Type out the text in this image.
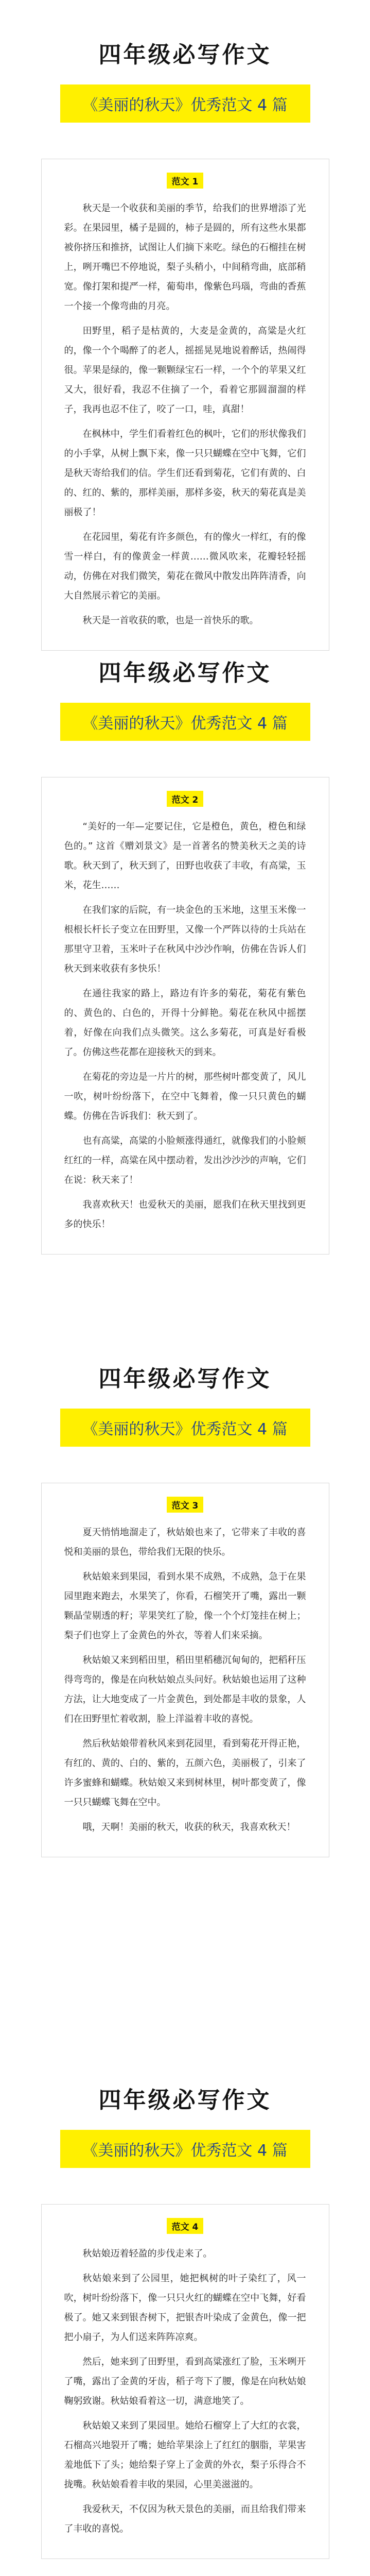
四年级必写作文
《美丽的秋天》优秀范文 4 篇
范文 1

秋天是一个收获和美丽的季节，给我们的世界增添了光彩。在果园里，橘子是圆的，柿子是圆的，所有这些水果都被你挤压和推挤，试图让人们摘下来吃。绿色的石榴挂在树上，咧开嘴巴不停地说，梨子头稍小，中间稍弯曲，底部稍宽。像打架和提严一样，葡萄串，像紫色玛瑙，弯曲的香蕉一个接一个像弯曲的月亮。

田野里，稻子是枯黄的，大麦是金黄的，高粱是火红的，像一个个喝醉了的老人，摇摇晃晃地说着醉话，热闹得很。苹果是绿的，像一颗颗绿宝石一样，一个个的苹果又红又大，很好看，我忍不住摘了一个，看着它那圆溜溜的样子，我再也忍不住了，咬了一口，哇，真甜！

在枫林中，学生们看着红色的枫叶，它们的形状像我们的小手掌，从树上飘下来，像一只只蝴蝶在空中飞舞，它们是秋天寄给我们的信。学生们还看到菊花，它们有黄的、白的、红的、紫的，那样美丽，那样多姿，秋天的菊花真是美丽极了！

在花园里，菊花有许多颜色，有的像火一样红，有的像雪一样白，有的像黄金一样黄……微风吹来，花瓣轻轻摇动，仿佛在对我们微笑，菊花在微风中散发出阵阵清香，向大自然展示着它的美丽。

秋天是一首收获的歌，也是一首快乐的歌。

四年级必写作文
《美丽的秋天》优秀范文 4 篇
范文 2

“美好的一年—定要记住，它是橙色，黄色，橙色和绿色的。” 这首《赠刘景文》是一首著名的赞美秋天之美的诗歌。秋天到了，秋天到了，田野也收获了丰收，有高粱，玉米，花生……

在我们家的后院，有一块金色的玉米地，这里玉米像一根根长杆长子变立在田野里，又像一个严阵以待的士兵站在那里守卫着，玉米叶子在秋风中沙沙作响，仿佛在告诉人们秋天到来收获有多快乐！

在通往我家的路上，路边有许多的菊花，菊花有紫色的、黄色的、白色的，开得十分鲜艳。菊花在秋风中摇摆着，好像在向我们点头微笑。这么多菊花，可真是好看极了。仿佛这些花都在迎接秋天的到来。

在菊花的旁边是一片片的树，那些树叶都变黄了，风儿一吹，树叶纷纷落下，在空中飞舞着，像一只只黄色的蝴蝶。仿佛在告诉我们：秋天到了。

也有高粱，高粱的小脸颊涨得通红，就像我们的小脸颊红红的一样，高粱在风中摆动着，发出沙沙沙的声响，它们在说：秋天来了！

我喜欢秋天！也爱秋天的美丽，愿我们在秋天里找到更多的快乐！

四年级必写作文
《美丽的秋天》优秀范文 4 篇
范文 3

夏天悄悄地溜走了，秋姑娘也来了，它带来了丰收的喜悦和美丽的景色，带给我们无限的快乐。

秋姑娘来到果园，看到水果不成熟，不成熟，急于在果园里跑来跑去，水果笑了，你看，石榴笑开了嘴，露出一颗颗晶莹剔透的籽；苹果笑红了脸，像一个个灯笼挂在树上；梨子们也穿上了金黄色的外衣，等着人们来采摘。

秋姑娘又来到稻田里，稻田里稻穗沉甸甸的，把稻秆压得弯弯的，像是在向秋姑娘点头问好。秋姑娘也运用了这种方法，让大地变成了一片金黄色，到处都是丰收的景象，人们在田野里忙着收割，脸上洋溢着丰收的喜悦。

然后秋姑娘带着秋风来到花园里，看到菊花开得正艳，有红的、黄的、白的、紫的，五颜六色，美丽极了，引来了许多蜜蜂和蝴蝶。秋姑娘又来到树林里，树叶都变黄了，像一只只蝴蝶飞舞在空中。

哦，天啊！美丽的秋天，收获的秋天，我喜欢秋天！

四年级必写作文
《美丽的秋天》优秀范文 4 篇
范文 4

秋姑娘迈着轻盈的步伐走来了。

秋姑娘来到了公园里，她把枫树的叶子染红了，风一吹，树叶纷纷落下，像一只只火红的蝴蝶在空中飞舞，好看极了。她又来到银杏树下，把银杏叶染成了金黄色，像一把把小扇子，为人们送来阵阵凉爽。

然后，她来到了田野里，看到高粱涨红了脸，玉米咧开了嘴，露出了金黄的牙齿，稻子弯下了腰，像是在向秋姑娘鞠躬致谢。秋姑娘看着这一切，满意地笑了。

秋姑娘又来到了果园里。她给石榴穿上了大红的衣裳，石榴高兴地裂开了嘴；她给苹果涂上了红红的胭脂，苹果害羞地低下了头；她给梨子穿上了金黄的外衣，梨子乐得合不拢嘴。秋姑娘看着丰收的果园，心里美滋滋的。

我爱秋天，不仅因为秋天景色的美丽，而且给我们带来了丰收的喜悦。
